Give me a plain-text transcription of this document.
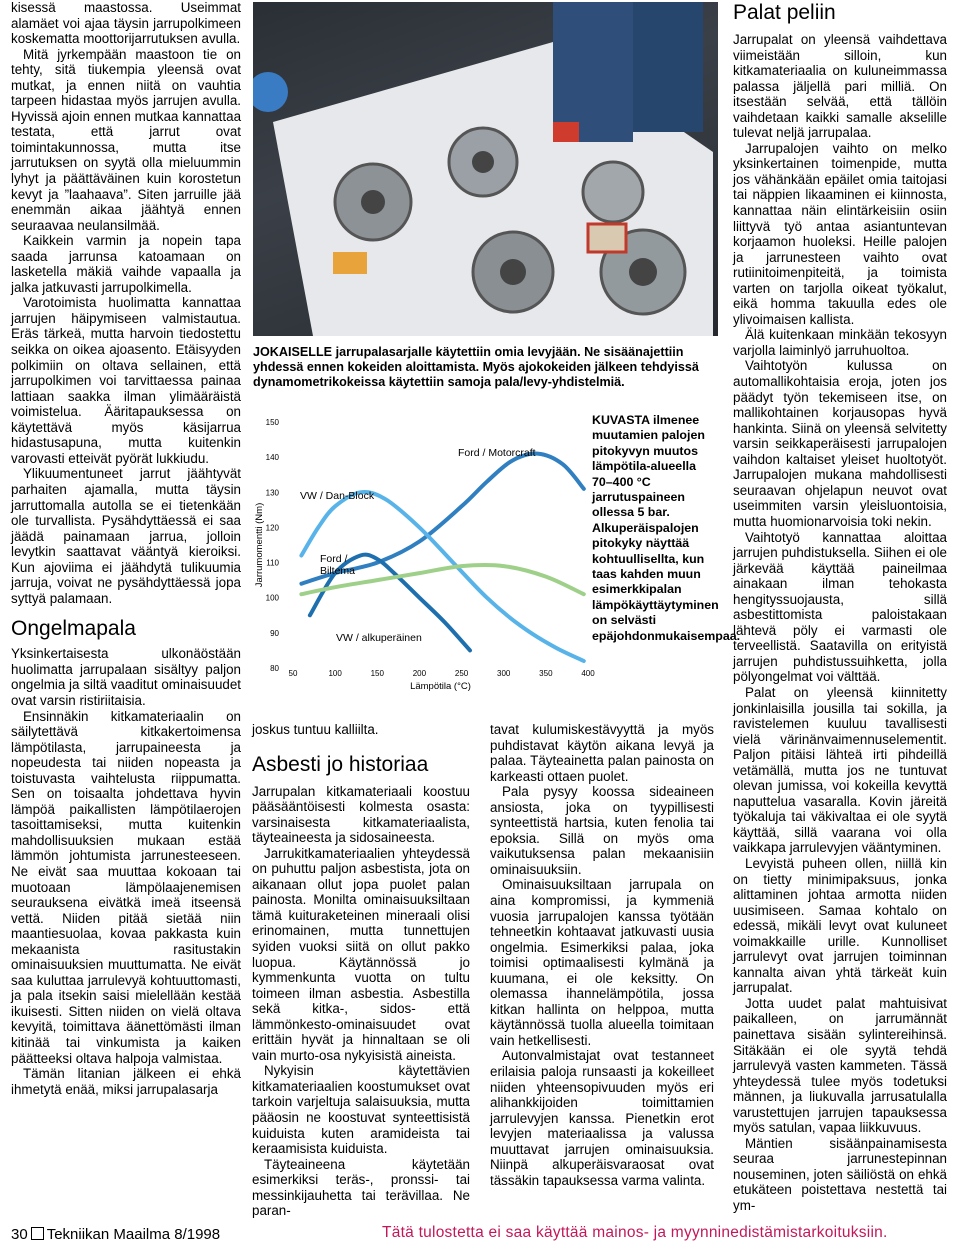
kisessä maastossa. Useimmat alamäet voi ajaa täysin jarrupolkimeen koskematta moottorijarrutuksen avulla.

Mitä jyrkempään maastoon tie on tehty, sitä tiukempia yleensä ovat mutkat, ja ennen niitä on vauhtia tarpeen hidastaa myös jarrujen avulla. Hyvissä ajoin ennen mutkaa kannattaa testata, että jarrut ovat toimintakunnossa, mutta itse jarrutuksen on syytä olla mieluummin lyhyt ja päättäväinen kuin korostetun kevyt ja ”laahaava”. Siten jarruille jää enemmän aikaa jäähtyä ennen seuraavaa neulansilmää.

Kaikkein varmin ja nopein tapa saada jarrunsa katoamaan on lasketella mäkiä vaihde vapaalla ja jalka jatkuvasti jarrupolkimella.

Varotoimista huolimatta kannattaa jarrujen häipymiseen valmistautua. Eräs tärkeä, mutta harvoin tiedostettu seikka on oikea ajoasento. Etäisyyden polkimiin on oltava sellainen, että jarrupolkimen voi tarvittaessa painaa lattiaan saakka ilman ylimääräistä voimistelua. Ääritapauksessa on käytettävä myös käsijarrua hidastusapuna, mutta kuitenkin varovasti etteivät pyörät lukkiudu.

Ylikuumentuneet jarrut jäähtyvät parhaiten ajamalla, mutta täysin jarruttomalla autolla se ei tietenkään ole turvallista. Pysähdyttäessä ei saa jäädä painamaan jarrua, jolloin levytkin saattavat vääntyä kieroiksi. Kun ajoviima ei jäähdytä tulikuumia jarruja, voivat ne pysähdyttäessä jopa syttyä palamaan.

Ongelmapala

Yksinkertaisesta ulkonäöstään huolimatta jarrupalaan sisältyy paljon ongelmia ja siltä vaaditut ominaisuudet ovat varsin ristiriitaisia.

Ensinnäkin kitkamateriaalin on säilytettävä kitkakertoimensa lämpötilasta, jarrupaineesta ja nopeudesta tai niiden nopeasta ja toistuvasta vaihtelusta riippumatta. Sen on toisaalta johdettava hyvin lämpöä paikallisten lämpötilaerojen tasoittamiseksi, mutta kuitenkin mahdollisuuksien mukaan estää lämmön johtumista jarrunesteeseen. Ne eivät saa muuttaa kokoaan tai muotoaan lämpölaajenemisen seurauksena eivätkä imeä itseensä vettä. Niiden pitää sietää niin maantiesuolaa, kovaa pakkasta kuin mekaanista rasitustakin ominaisuuksien muuttumatta. Ne eivät saa kuluttaa jarrulevyä kohtuuttomasti, ja pala itsekin saisi mielellään kestää ikuisesti. Sitten niiden on vielä oltava kevyitä, toimittava äänettömästi ilman kitinää tai vinkumista ja kaiken päätteeksi oltava halpoja valmistaa.

Tämän litanian jälkeen ei ehkä ihmetytä enää, miksi jarrupalasarja

JOKAISELLE jarrupalasarjalle käytettiin omia levyjään. Ne sisäänajettiin yhdessä ennen kokeiden aloittamista. Myös ajokokeiden jälkeen tehdyissä dynamometrikokeissa käytettiin samoja pala/levy-yhdistelmiä.
80
90
100
110
120
130
140
150
50	100	150	200	250	300	350	400
Lämpötila (°C)
Jarrumomentti (Nm)
Ford / Motorcraft
VW / Dan-Block
Ford /
Biltema
VW / alkuperäinen
KUVASTA ilmenee muutamien palojen pitokyvyn muutos lämpötila-alueella 70–400 °C jarrutuspaineen ollessa 5 bar. Alkuperäispalojen pitokyky näyttää kohtuullisellta, kun taas kahden muun esimerkkipalan lämpökäyttäytyminen on selvästi epäjohdonmukaisempaa.

joskus tuntuu kalliilta.

Asbesti jo historiaa

Jarrupalan kitkamateriaali koostuu pääsääntöisesti kolmesta osasta: varsinaisesta kitkamateriaalista, täyteaineesta ja sidosaineesta.

Jarrukitkamateriaalien yhteydessä on puhuttu paljon asbestista, jota on aikanaan ollut jopa puolet palan painosta. Monilta ominaisuuksiltaan tämä kuituraketeinen mineraali olisi erinomainen, mutta tunnettujen syiden vuoksi siitä on ollut pakko luopua. Käytännössä jo kymmenkunta vuotta on tultu toimeen ilman asbestia. Asbestilla sekä kitka-, sidos- että lämmönkesto-ominaisuudet ovat erittäin hyvät ja hinnaltaan se oli vain murto-osa nykyisistä aineista.

Nykyisin käytettävien kitkamateriaalien koostumukset ovat tarkoin varjeltuja salaisuuksia, mutta pääosin ne koostuvat synteettisistä kuiduista kuten aramideista tai keraamisista kuiduista.

Täyteaineena käytetään esimerkiksi teräs-, pronssi- tai messinkijauhetta tai terävillaa. Ne paran-

tavat kulumiskestävyyttä ja myös puhdistavat käytön aikana levyä ja palaa. Täyteainetta palan painosta on karkeasti ottaen puolet.

Pala pysyy koossa sideaineen ansiosta, joka on tyypillisesti synteettistä hartsia, kuten fenolia tai epoksia. Sillä on myös oma vaikutuksensa palan mekaanisiin ominaisuuksiin.

Ominaisuuksiltaan jarrupala on aina kompromissi, ja kymmeniä vuosia jarrupalojen kanssa työtään tehneetkin kohtaavat jatkuvasti uusia ongelmia. Esimerkiksi palaa, joka toimisi optimaalisesti kylmänä ja kuumana, ei ole keksitty. On olemassa ihannelämpötila, jossa kitkan hallinta on helppoa, mutta käytännössä tuolla alueella toimitaan vain hetkellisesti.

Autonvalmistajat ovat testanneet erilaisia paloja runsaasti ja kokeilleet niiden yhteensopivuuden myös eri alihankkijoiden toimittamien jarrulevyjen kanssa. Pienetkin erot levyjen materiaalissa ja valussa muuttavat jarrujen ominaisuuksia. Niinpä alkuperäisvaraosat ovat tässäkin tapauksessa varma valinta.

Palat peliin

Jarrupalat on yleensä vaihdettava viimeistään silloin, kun kitkamateriaalia on kuluneimmassa palassa jäljellä pari milliä. On itsestään selvää, että tällöin vaihdetaan kaikki samalle akselille tulevat neljä jarrupalaa.

Jarrupalojen vaihto on melko yksinkertainen toimenpide, mutta jos vähänkään epäilet omia taitojasi tai näppien likaaminen ei kiinnosta, kannattaa näin elintärkeisiin osiin liittyvä työ antaa asiantuntevan korjaamon huoleksi. Heille palojen ja jarrunesteen vaihto ovat rutiinitoimenpiteitä, ja toimista varten on tarjolla oikeat työkalut, eikä homma takuulla edes ole ylivoimaisen kallista.

Älä kuitenkaan minkään tekosyyn varjolla laiminlyö jarruhuoltoa.

Vaihtotyön kulussa on automallikohtaisia eroja, joten jos päädyt työn tekemiseen itse, on mallikohtainen korjausopas hyvä hankinta. Siinä on yleensä selvitetty varsin seikkaperäisesti jarrupalojen vaihdon kaltaiset yleiset huoltotyöt. Jarrupalojen mukana mahdollisesti seuraavan ohjelapun neuvot ovat useimmiten varsin yleisluontoisia, mutta huomionarvoisia toki nekin.

Vaihtotyö kannattaa aloittaa jarrujen puhdistuksella. Siihen ei ole järkevää käyttää paineilmaa ainakaan ilman tehokasta hengityssuojausta, sillä asbestittomista paloistakaan lähtevä pöly ei varmasti ole terveellistä. Saatavilla on erityistä jarrujen puhdistussuihketta, jolla pölyongelmat voi välttää.

Palat on yleensä kiinnitetty jonkinlaisilla jousilla tai sokilla, ja ravistelemen kuuluu tavallisesti vielä värinänvaimennuselementit. Paljon pitäisi lähteä irti pihdeillä vetämällä, mutta jos ne tuntuvat olevan jumissa, voi kokeilla kevyttä naputtelua vasaralla. Kovin järeitä työkaluja tai väkivaltaa ei ole syytä käyttää, sillä vaarana voi olla vaikkapa jarrulevyjen vääntyminen.

Levyistä puheen ollen, niillä kin on tietty minimipaksuus, jonka alittaminen johtaa armotta niiden uusimiseen. Samaa kohtalo on edessä, mikäli levyt ovat kuluneet voimakkaille urille. Kunnolliset jarrulevyt ovat jarrujen toiminnan kannalta aivan yhtä tärkeät kuin jarrupalat.

Jotta uudet palat mahtuisivat paikalleen, on jarrumännät painettava sisään sylintereihinsä. Sitäkään ei ole syytä tehdä jarrulevyä vasten kammeten. Tässä yhteydessä tulee myös todetuksi männen, ja liukuvalla jarrusatulalla varustettujen jarrujen tapauksessa myös satulan, vapaa liikkuvuus.

Mäntien sisäänpainamisesta seuraa jarrunestepinnan nouseminen, joten säiliöstä on ehkä etukäteen poistettava nestettä tai ym-

30 Tekniikan Maailma 8/1998	Tätä tulostetta ei saa käyttää mainos- ja myynninedistämistarkoituksiin.
